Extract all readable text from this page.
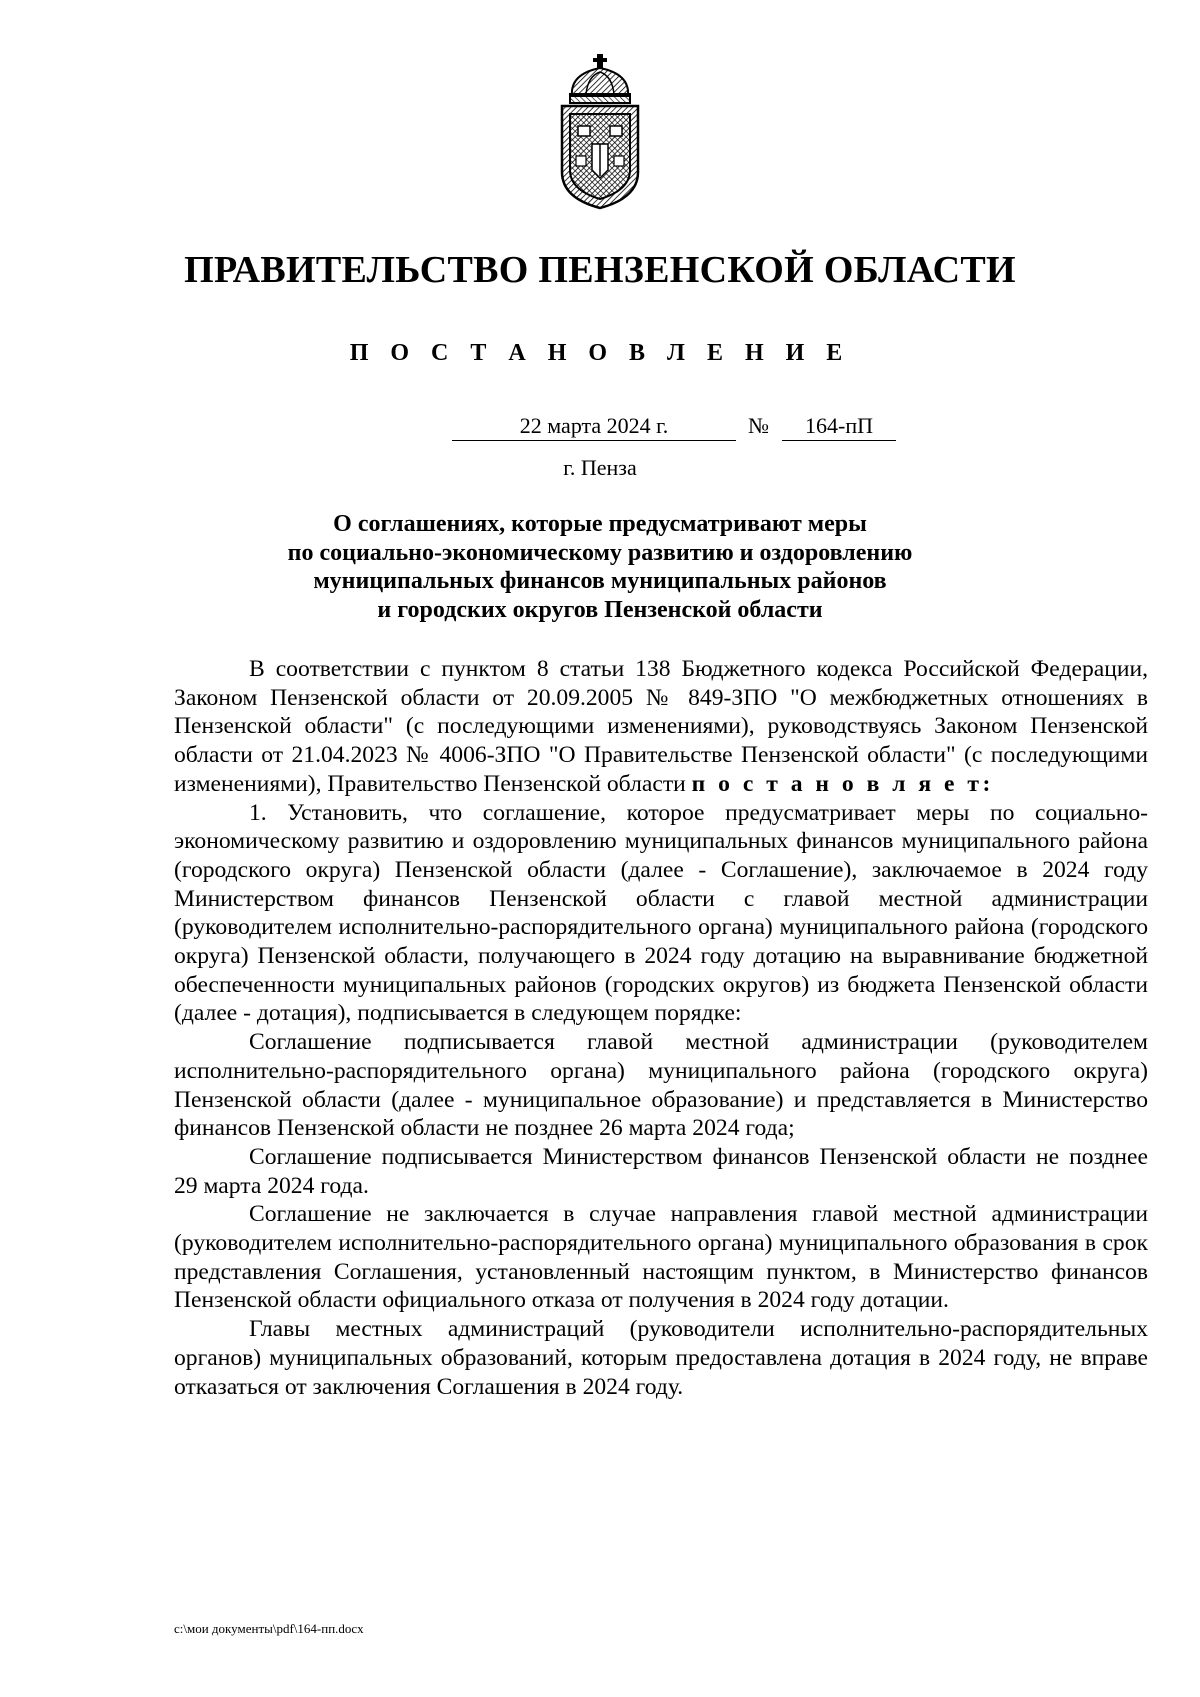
ПРАВИТЕЛЬСТВО ПЕНЗЕНСКОЙ ОБЛАСТИ
П О С Т А Н О В Л Е Н И Е
22 марта 2024 г.	№	164-пП
г. Пенза
О соглашениях, которые предусматривают меры
по социально-экономическому развитию и оздоровлению
муниципальных финансов муниципальных районов
и городских округов Пензенской области

В соответствии с пунктом 8 статьи 138 Бюджетного кодекса Российской Федерации, Законом Пензенской области от 20.09.2005 № 849-ЗПО "О межбюджетных отношениях в Пензенской области" (с последующими изменениями), руководствуясь Законом Пензенской области от 21.04.2023 № 4006-ЗПО "О Правительстве Пензенской области" (с последующими изменениями), Правительство Пензенской области п о с т а н о в л я е т:

1. Установить, что соглашение, которое предусматривает меры по социально-экономическому развитию и оздоровлению муниципальных финансов муниципального района (городского округа) Пензенской области (далее - Соглашение), заключаемое в 2024 году Министерством финансов Пензенской области с главой местной администрации (руководителем исполнительно-распорядительного органа) муниципального района (городского округа) Пензенской области, получающего в 2024 году дотацию на выравнивание бюджетной обеспеченности муниципальных районов (городских округов) из бюджета Пензенской области (далее - дотация), подписывается в следующем порядке:

Соглашение подписывается главой местной администрации (руководителем исполнительно-распорядительного органа) муниципального района (городского округа) Пензенской области (далее - муниципальное образование) и представляется в Министерство финансов Пензенской области не позднее 26 марта 2024 года;

Соглашение подписывается Министерством финансов Пензенской области не позднее 29 марта 2024 года.

Соглашение не заключается в случае направления главой местной администрации (руководителем исполнительно-распорядительного органа) муниципального образования в срок представления Соглашения, установленный настоящим пунктом, в Министерство финансов Пензенской области официального отказа от получения в 2024 году дотации.

Главы местных администраций (руководители исполнительно-распорядительных органов) муниципальных образований, которым предоставлена дотация в 2024 году, не вправе отказаться от заключения Соглашения в 2024 году.

c:\мои документы\pdf\164-пп.docx
